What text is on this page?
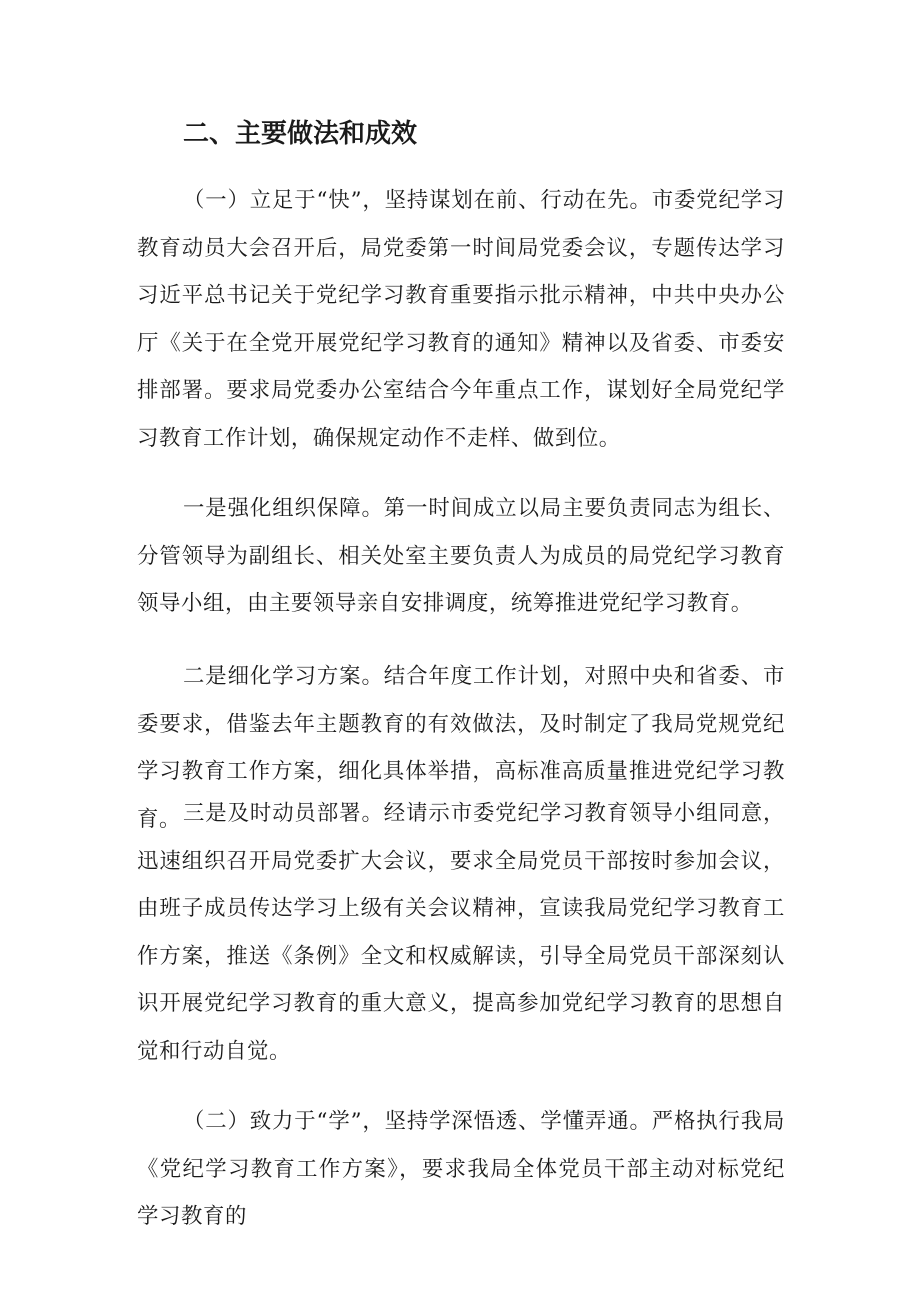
二、主要做法和成效

（一）立足于“快”，坚持谋划在前、行动在先。市委党纪学习教育动员大会召开后，局党委第一时间局党委会议，专题传达学习习近平总书记关于党纪学习教育重要指示批示精神，中共中央办公厅《关于在全党开展党纪学习教育的通知》精神以及省委、市委安排部署。要求局党委办公室结合今年重点工作，谋划好全局党纪学习教育工作计划，确保规定动作不走样、做到位。

一是强化组织保障。第一时间成立以局主要负责同志为组长、分管领导为副组长、相关处室主要负责人为成员的局党纪学习教育领导小组，由主要领导亲自安排调度，统筹推进党纪学习教育。

二是细化学习方案。结合年度工作计划，对照中央和省委、市委要求，借鉴去年主题教育的有效做法，及时制定了我局党规党纪学习教育工作方案，细化具体举措，高标准高质量推进党纪学习教育。 三是及时动员部署。经请示市委党纪学习教育领导小组同意，迅速组织召开局党委扩大会议，要求全局党员干部按时参加会议，由班子成员传达学习上级有关会议精神，宣读我局党纪学习教育工作方案，推送《条例》全文和权威解读，引导全局党员干部深刻认识开展党纪学习教育的重大意义，提高参加党纪学习教育的思想自觉和行动自觉。

（二）致力于“学”，坚持学深悟透、学懂弄通。严格执行我局《党纪学习教育工作方案》，要求我局全体党员干部主动对标党纪学习教育的
